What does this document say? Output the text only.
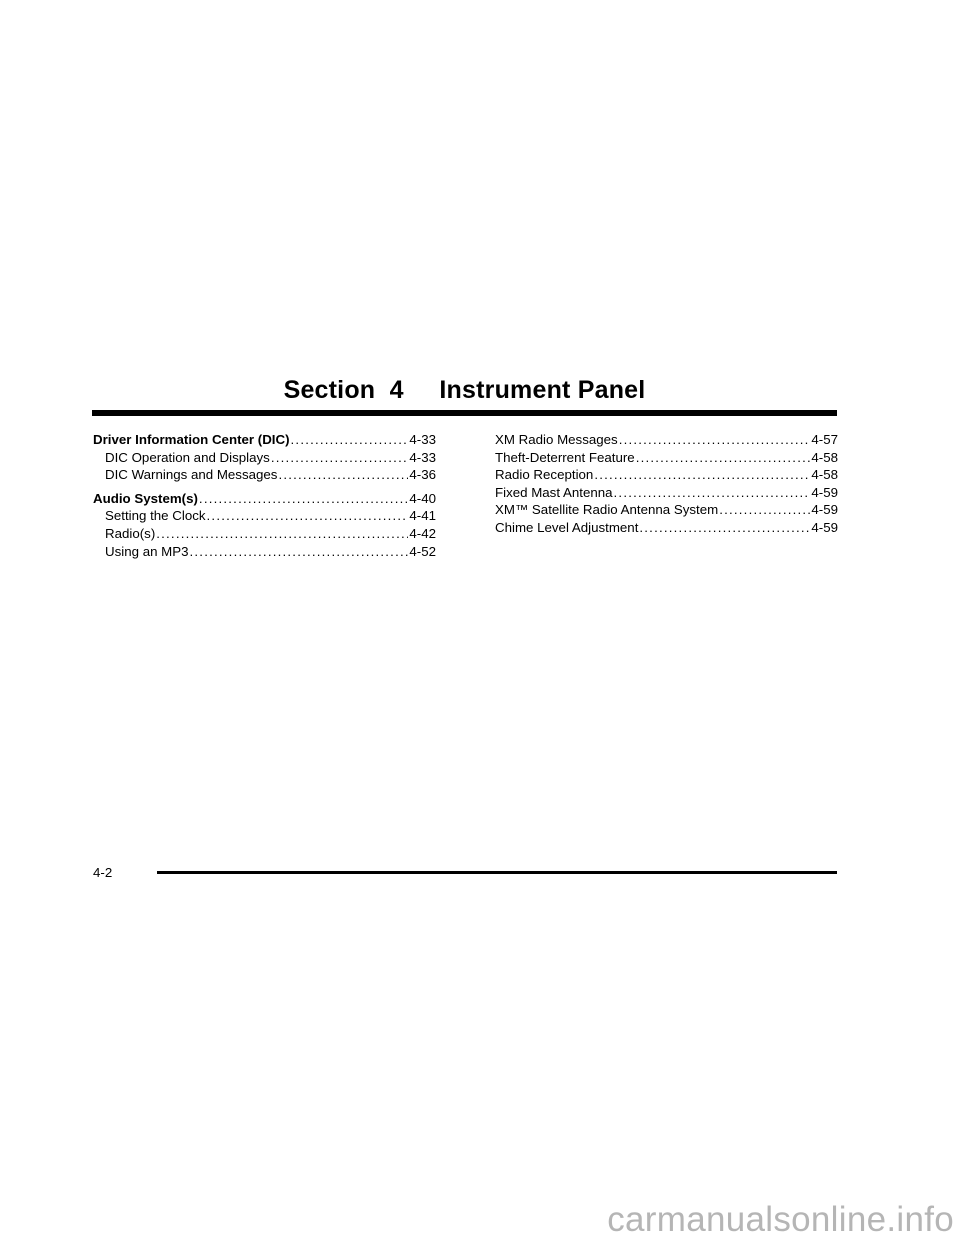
Section  4     Instrument Panel
Driver Information Center (DIC) .....	4-33
DIC Operation and Displays .....	4-33
DIC Warnings and Messages .....	4-36
Audio System(s) .....	4-40
Setting the Clock .....	4-41
Radio(s) .....	4-42
Using an MP3 .....	4-52
XM Radio Messages .....	4-57
Theft-Deterrent Feature .....	4-58
Radio Reception .....	4-58
Fixed Mast Antenna .....	4-59
XM™ Satellite Radio Antenna System .....	4-59
Chime Level Adjustment .....	4-59
4-2
carmanualsonline.info
